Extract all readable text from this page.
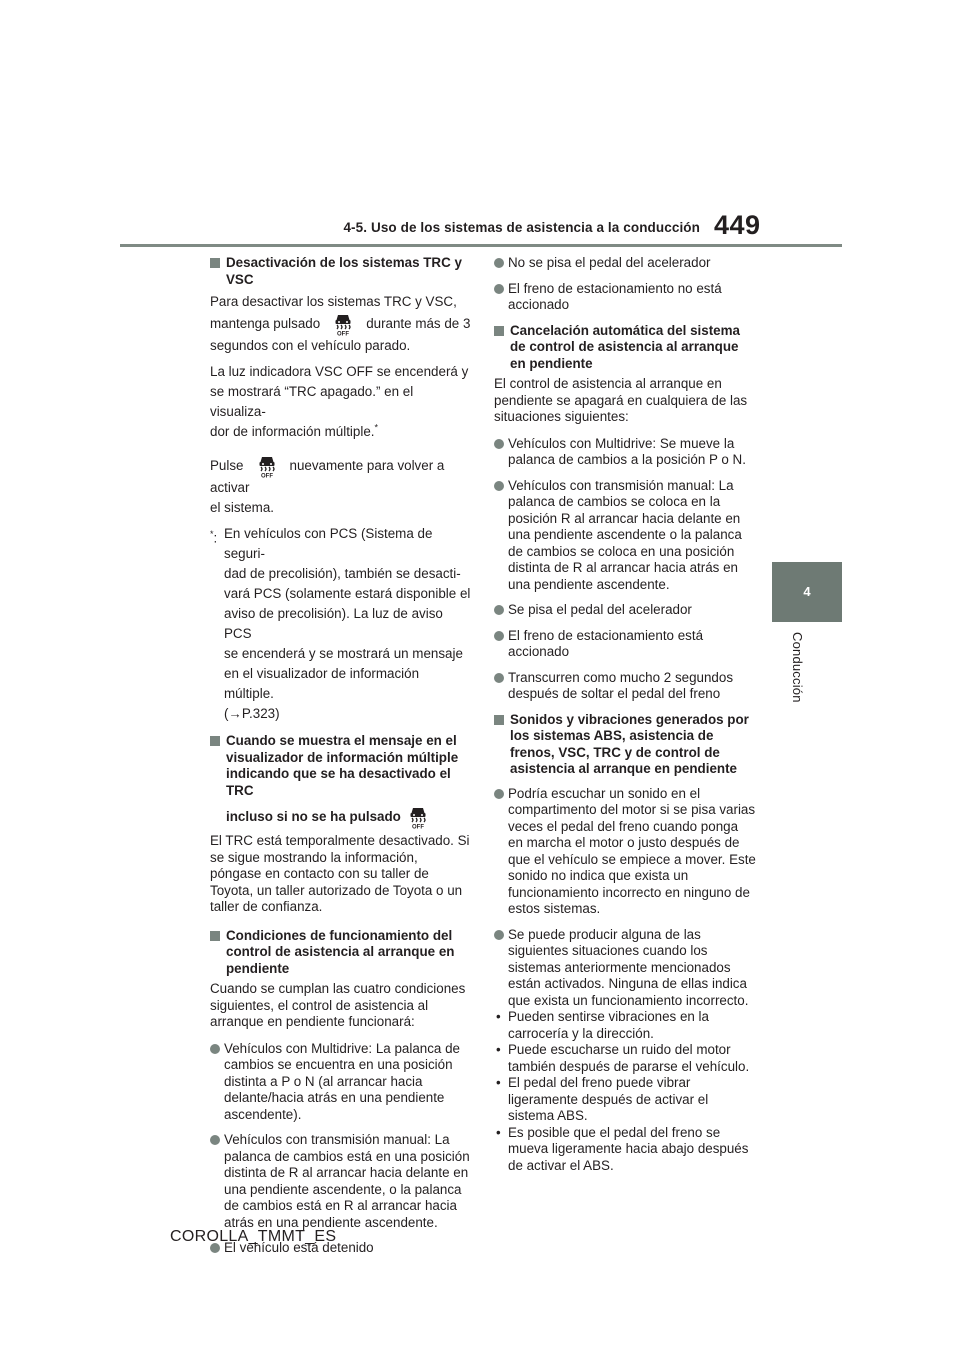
4-5. Uso de los sistemas de asistencia a la conducción 449
4
Conducción
Desactivación de los sistemas TRC y VSC
Para desactivar los sistemas TRC y VSC,
mantenga pulsado
OFF
durante más de 3
segundos con el vehículo parado.
La luz indicadora VSC OFF se encenderá y
se mostrará “TRC apagado.” en el visualiza-
dor de información múltiple.*
Pulse
OFF
nuevamente para volver a activar
el sistema.
*: En vehículos con PCS (Sistema de seguri-
dad de precolisión), también se desacti-
vará PCS (solamente estará disponible el
aviso de precolisión). La luz de aviso PCS
se encenderá y se mostrará un mensaje
en el visualizador de información múltiple.
(→P.323)
Cuando se muestra el mensaje en el visualizador de información múltiple indicando que se ha desactivado el TRC
incluso si no se ha pulsado
OFF
El TRC está temporalmente desactivado. Si se sigue mostrando la información, póngase en contacto con su taller de Toyota, un taller autorizado de Toyota o un taller de confianza.
Condiciones de funcionamiento del control de asistencia al arranque en pendiente
Cuando se cumplan las cuatro condiciones siguientes, el control de asistencia al arranque en pendiente funcionará:
Vehículos con Multidrive: La palanca de cambios se encuentra en una posición distinta a P o N (al arrancar hacia delante/hacia atrás en una pendiente ascendente).
Vehículos con transmisión manual: La palanca de cambios está en una posición distinta de R al arrancar hacia delante en una pendiente ascendente, o la palanca de cambios está en R al arrancar hacia atrás en una pendiente ascendente.
El vehículo está detenido
No se pisa el pedal del acelerador
El freno de estacionamiento no está accionado
Cancelación automática del sistema de control de asistencia al arranque en pendiente
El control de asistencia al arranque en pendiente se apagará en cualquiera de las situaciones siguientes:
Vehículos con Multidrive: Se mueve la palanca de cambios a la posición P o N.
Vehículos con transmisión manual: La palanca de cambios se coloca en la posición R al arrancar hacia delante en una pendiente ascendente o la palanca de cambios se coloca en una posición distinta de R al arrancar hacia atrás en una pendiente ascendente.
Se pisa el pedal del acelerador
El freno de estacionamiento está accionado
Transcurren como mucho 2 segundos después de soltar el pedal del freno
Sonidos y vibraciones generados por los sistemas ABS, asistencia de frenos, VSC, TRC y de control de asistencia al arranque en pendiente
Podría escuchar un sonido en el compartimento del motor si se pisa varias veces el pedal del freno cuando ponga en marcha el motor o justo después de que el vehículo se empiece a mover. Este sonido no indica que exista un funcionamiento incorrecto en ninguno de estos sistemas.
Se puede producir alguna de las siguientes situaciones cuando los sistemas anteriormente mencionados están activados. Ninguna de ellas indica que exista un funcionamiento incorrecto.
• Pueden sentirse vibraciones en la carrocería y la dirección.
• Puede escucharse un ruido del motor también después de pararse el vehículo.
• El pedal del freno puede vibrar ligeramente después de activar el sistema ABS.
• Es posible que el pedal del freno se mueva ligeramente hacia abajo después de activar el ABS.
COROLLA_TMMT_ES
